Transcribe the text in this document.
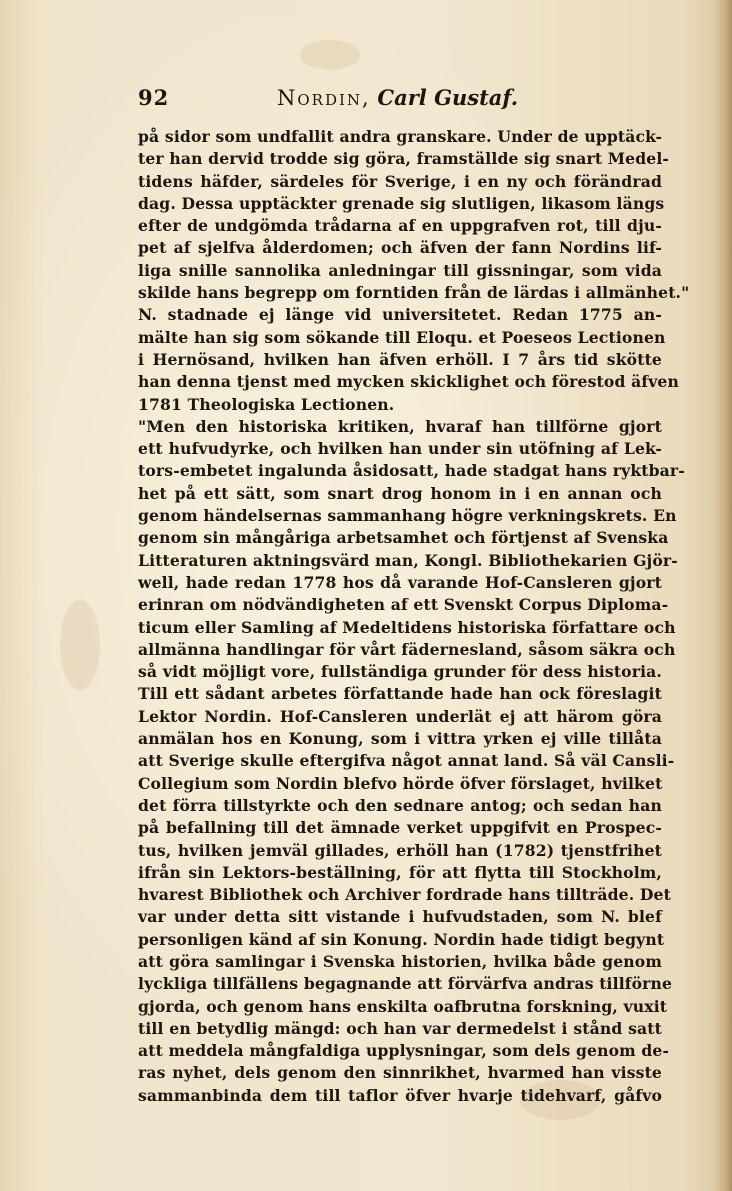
92	Nordin, Carl Gustaf.
på sidor som undfallit andra granskare. Under de upptäck-
ter han dervid trodde sig göra, framställde sig snart Medel-
tidens häfder, särdeles för Sverige, i en ny och förändrad
dag. Dessa upptäckter grenade sig slutligen, likasom längs
efter de undgömda trådarna af en uppgrafven rot, till dju-
pet af sjelfva ålderdomen; och äfven der fann Nordins lif-
liga snille sannolika anledningar till gissningar, som vida
skilde hans begrepp om forntiden från de lärdas i allmänhet."
N. stadnade ej länge vid universitetet. Redan 1775 an-
mälte han sig som sökande till Eloqu. et Poeseos Lectionen
i Hernösand, hvilken han äfven erhöll. I 7 års tid skötte
han denna tjenst med mycken skicklighet och förestod äfven
1781 Theologiska Lectionen.
"Men den historiska kritiken, hvaraf han tillförne gjort
ett hufvudyrke, och hvilken han under sin utöfning af Lek-
tors-embetet ingalunda åsidosatt, hade stadgat hans ryktbar-
het på ett sätt, som snart drog honom in i en annan och
genom händelsernas sammanhang högre verkningskrets. En
genom sin mångåriga arbetsamhet och förtjenst af Svenska
Litteraturen aktningsvärd man, Kongl. Bibliothekarien Gjör-
well, hade redan 1778 hos då varande Hof-Cansleren gjort
erinran om nödvändigheten af ett Svenskt Corpus Diploma-
ticum eller Samling af Medeltidens historiska författare och
allmänna handlingar för vårt fädernesland, såsom säkra och
så vidt möjligt vore, fullständiga grunder för dess historia.
Till ett sådant arbetes författande hade han ock föreslagit
Lektor Nordin. Hof-Cansleren underlät ej att härom göra
anmälan hos en Konung, som i vittra yrken ej ville tillåta
att Sverige skulle eftergifva något annat land. Så väl Cansli-
Collegium som Nordin blefvo hörde öfver förslaget, hvilket
det förra tillstyrkte och den sednare antog; och sedan han
på befallning till det ämnade verket uppgifvit en Prospec-
tus, hvilken jemväl gillades, erhöll han (1782) tjenstfrihet
ifrån sin Lektors-beställning, för att flytta till Stockholm,
hvarest Bibliothek och Archiver fordrade hans tillträde. Det
var under detta sitt vistande i hufvudstaden, som N. blef
personligen känd af sin Konung. Nordin hade tidigt begynt
att göra samlingar i Svenska historien, hvilka både genom
lyckliga tillfällens begagnande att förvärfva andras tillförne
gjorda, och genom hans enskilta oafbrutna forskning, vuxit
till en betydlig mängd: och han var dermedelst i stånd satt
att meddela mångfaldiga upplysningar, som dels genom de-
ras nyhet, dels genom den sinnrikhet, hvarmed han visste
sammanbinda dem till taflor öfver hvarje tidehvarf, gåfvo
